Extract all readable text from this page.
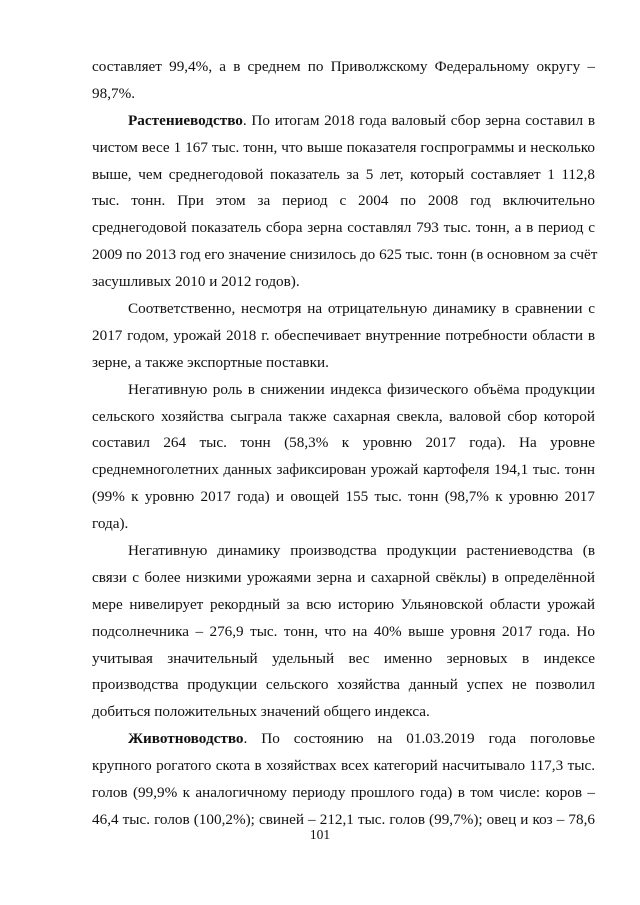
составляет 99,4%, а в среднем по Приволжскому Федеральному округу –
98,7%.
Растениеводство. По итогам 2018 года валовый сбор зерна составил в
чистом весе 1 167 тыс. тонн, что выше показателя госпрограммы и несколько
выше, чем среднегодовой показатель за 5 лет, который составляет 1 112,8
тыс. тонн. При этом за период с 2004 по 2008 год включительно
среднегодовой показатель сбора зерна составлял 793 тыс. тонн, а в период с
2009 по 2013 год его значение снизилось до 625 тыс. тонн (в основном за счёт
засушливых 2010 и 2012 годов).
Соответственно, несмотря на отрицательную динамику в сравнении с
2017 годом, урожай 2018 г. обеспечивает внутренние потребности области в
зерне, а также экспортные поставки.
Негативную роль в снижении индекса физического объёма продукции
сельского хозяйства сыграла также сахарная свекла, валовой сбор которой
составил 264 тыс. тонн (58,3% к уровню 2017 года). На уровне
среднемноголетних данных зафиксирован урожай картофеля 194,1 тыс. тонн
(99% к уровню 2017 года) и овощей 155 тыс. тонн (98,7% к уровню 2017
года).
Негативную динамику производства продукции растениеводства (в
связи с более низкими урожаями зерна и сахарной свёклы) в определённой
мере нивелирует рекордный за всю историю Ульяновской области урожай
подсолнечника – 276,9 тыс. тонн, что на 40% выше уровня 2017 года. Но
учитывая значительный удельный вес именно зерновых в индексе
производства продукции сельского хозяйства данный успех не позволил
добиться положительных значений общего индекса.
Животноводство. По состоянию на 01.03.2019 года поголовье
крупного рогатого скота в хозяйствах всех категорий насчитывало 117,3 тыс.
голов (99,9% к аналогичному периоду прошлого года) в том числе: коров –
46,4 тыс. голов (100,2%); свиней – 212,1 тыс. голов (99,7%); овец и коз – 78,6
101
